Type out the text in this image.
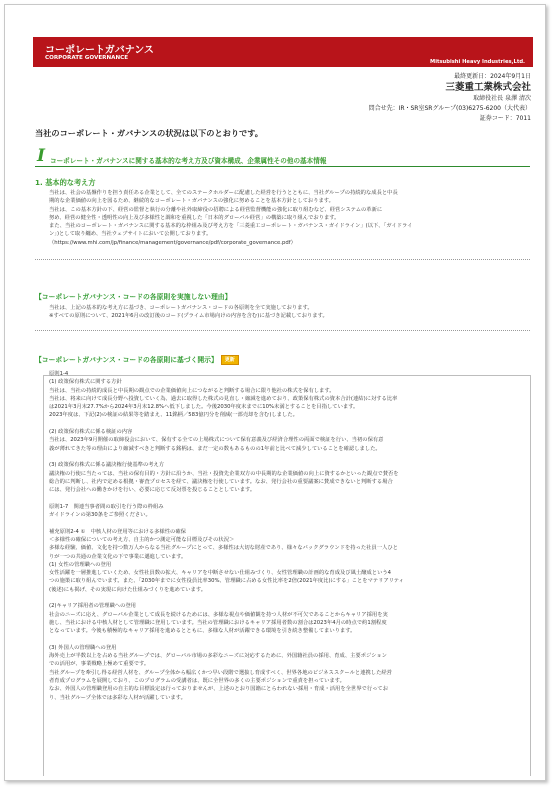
コーポレートガバナンス
CORPORATE GOVERNANCE
Mitsubishi Heavy Industries,Ltd.
最終更新日：2024年9月1日
三菱重工業株式会社
取締役社長 泉澤 清次
問合せ先：IR・SR室SRグループ(03)6275-6200（大代表）
証券コード：7011
当社のコーポレート・ガバナンスの状況は以下のとおりです。
I コーポレート・ガバナンスに関する基本的な考え方及び資本構成、企業属性その他の基本情報
1. 基本的な考え方
当社は、社会の基盤作りを担う責任ある企業として、全てのステークホルダーに配慮した経営を行うとともに、当社グループの持続的な成長と中長
期的な企業価値の向上を図るため、継続的なコーポレート・ガバナンスの強化に努めることを基本方針としております。
当社は、この基本方針の下、経営の監督と執行の分離や社外取締役の招聘による経営監督機能の強化に取り組むなど、経営システムの革新に
努め、経営の健全性・透明性の向上及び多様性と調和を重視した「日本的グローバル経営」の構築に取り組んでおります。
また、当社のコーポレート・ガバナンスに関する基本的な枠組み及び考え方を「三菱重工コーポレート・ガバナンス・ガイドライン」(以下、「ガイドライ
ン」)として取り纏め、当社ウェブサイトにおいて公開しております。
（https://www.mhi.com/jp/finance/management/governance/pdf/corporate_governance.pdf）
【コーポレートガバナンス・コードの各原則を実施しない理由】
当社は、上記の基本的な考え方に基づき、コーポレートガバナンス・コードの各原則を全て実施しております。
※すべての原則について、2021年6月の改訂後のコード(プライム市場向けの内容を含む)に基づき記載しております。
【コーポレートガバナンス・コードの各原則に基づく開示】 更新
原則1-4
(1) 政策保有株式に関する方針
当社は、当社の持続的成長と中長期の観点での企業価値向上につながると判断する場合に限り他社の株式を保有します。
当社は、将来に向けて成長分野へ投資していく為、過去に取得した株式の見直し・縮減を進めており、政策保有株式の資本合計(連結)に対する比率
は2021年3月末27.7%から2024年3月末12.8%へ低下しました。今後2030年度末までに10%未満とすることを目指しています。
2023年度は、下記(2)の検証の結果等を踏まえ、11銘柄／583億円分を削減(一部売却を含む)しました。
(2) 政策保有株式に係る検証の内容
当社は、2023年9月開催の取締役会において、保有する全ての上場株式について保有意義及び経済合理性の両面で検証を行い、当初の保有意
義が薄れてきた等の理由により縮減すべきと判断する銘柄は、まだ一定の数もあるものの1年前と比べて減少していることを確認しました。
(3) 政策保有株式に係る議決権行使基準の考え方
議決権の行使に当たっては、当社の保有目的・方針に沿うか、当社・投資先企業双方の中長期的な企業価値の向上に資するかといった観点で賛否を
総合的に判断し、社内で定める根拠・審査プロセスを経て、議決権を行使しています。なお、発行会社の重要議案に賛成できないと判断する場合
には、発行会社への働きかけを行い、必要に応じて反対票を投じることとしています。
原則1-7　関連当事者間の取引を行う際の枠組み
ガイドラインの第30条をご参照ください。
補充原則2-4 ①　中核人材の登用等における多様性の確保
＜多様性の確保についての考え方、自主的かつ測定可能な目標及びその状況＞
多様な経験、価値、文化を持つ数万人からなる当社グループにとって、多様性は大切な財産であり、様々なバックグラウンドを持った社員一人ひと
りが一つの共通の企業文化の下で事業に邁進しています。
(1) 女性の管理職への登用
女性活躍を一層推進していくため、女性社員数の拡大、キャリアを中断させない仕組みづくり、女性管理職の計画的な育成及び風土醸成という4
つの施策に取り組んでいます。また、「2030年までに女性役員比率30%、管理職に占める女性比率を2倍(2021年度比)にする」ことをマテリアリティ
(後述)にも掲げ、その実現に向けた仕組みづくりを進めています。
(2)キャリア採用者の管理職への登用
社会のニーズに応え、グローバル企業として成長を続けるためには、多様な視点や価値観を持つ人材が不可欠であることからキャリア採用を実
施し、当社における中核人材として管理職に登用しています。当社の管理職におけるキャリア採用者数の割合は2023年4月の時点で約1割程度
となっています。今後も積極的なキャリア採用を進めるとともに、多様な人材が活躍できる環境を引き続き整備してまいります。
(3) 外国人の管理職への登用
海外売上が半数以上を占める当社グループでは、グローバル市場の多彩なニーズに対応するために、外国籍社員の採用、育成、主要ポジション
での活用が、事業戦略上極めて重要です。
当社グループを牽引し得る経営人材を、グループ全体から幅広くかつ早い段階で選抜し育成すべく、世界各地のビジネススクールと連携した経営
者育成プログラムを展開しており、このプログラムの受講者は、既に全世界の多くの主要ポジションで重責を担っています。
なお、外国人の管理職登用の自主的な目標設定は行っておりませんが、上述のとおり国籍にとらわれない採用・育成・活用を全世界で行ってお
り、当社グループ全体では多彩な人材が活躍しています。
